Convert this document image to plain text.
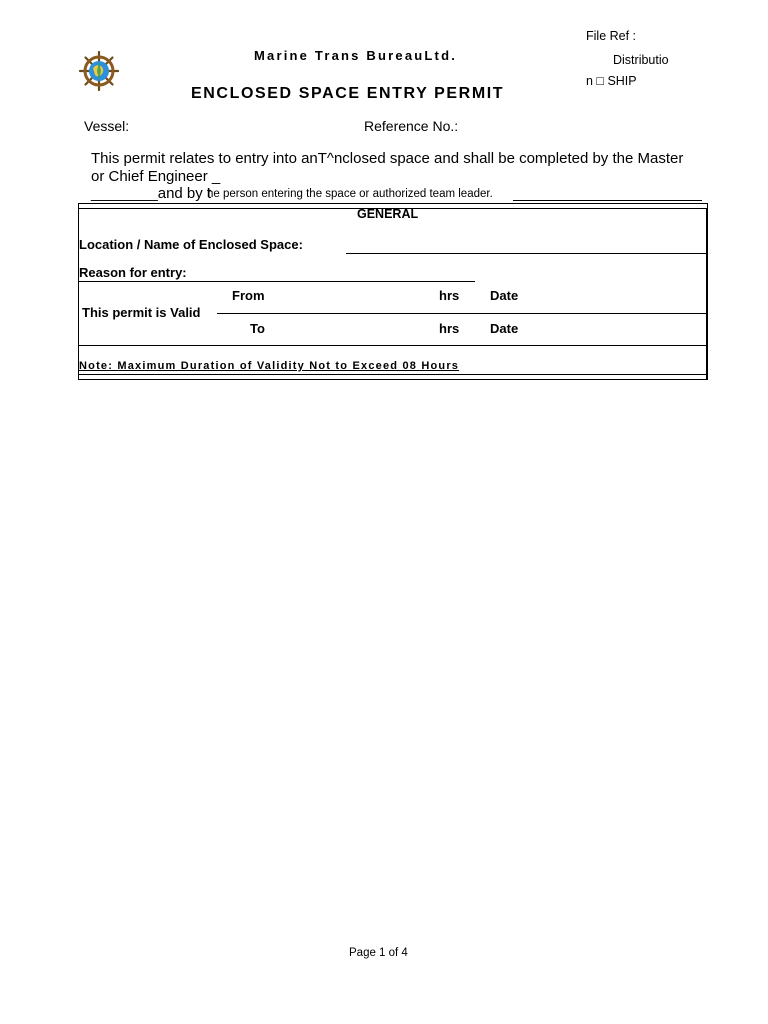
Marine Trans BureauLtd.
ENCLOSED SPACE ENTRY PERMIT
File Ref :
Distributio
n □ SHIP
Vessel:	Reference No.:
This permit relates to entry into anT^nclosed space and shall be completed by the Master
or Chief Engineer _
________and by t
he person entering the space or authorized team leader.
GENERAL
Location / Name of Enclosed Space:
Reason for entry:
From	hrs Date
This permit is Valid
To	hrs Date
Note: Maximum Duration of Validity Not to Exceed 08 Hours
Page 1 of 4
